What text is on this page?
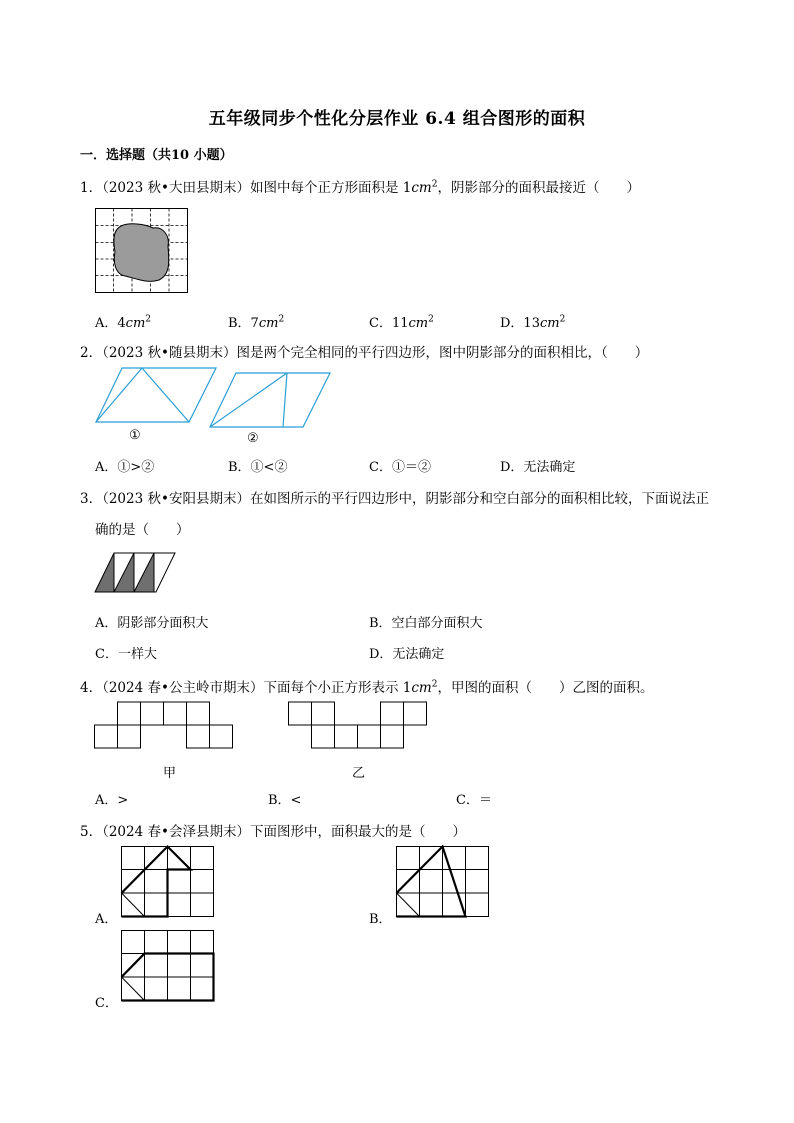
五年级同步个性化分层作业 6.4 组合图形的面积
一．选择题（共10 小题）
1．（2023 秋•大田县期末）如图中每个正方形面积是 $1cm^2$，阴影部分的面积最接近（　　）
A．$4cm^2$	B．$7cm^2$	C．$11cm^2$	D．$13cm^2$
2．（2023 秋•随县期末）图是两个完全相同的平行四边形，图中阴影部分的面积相比，（　　）
①	②
A．①>②	B．①<②	C．①＝②	D．无法确定
3．（2023 秋•安阳县期末）在如图所示的平行四边形中，阴影部分和空白部分的面积相比较，下面说法正
确的是（　　）
A．阴影部分面积大	B．空白部分面积大
C．一样大	D．无法确定
4．（2024 春•公主岭市期末）下面每个小正方形表示 $1cm^2$，甲图的面积（　　）乙图的面积。
甲	乙
A．>	B．<	C．＝
5．（2024 春•会泽县期末）下面图形中，面积最大的是（　　）
A．	B．
C．
